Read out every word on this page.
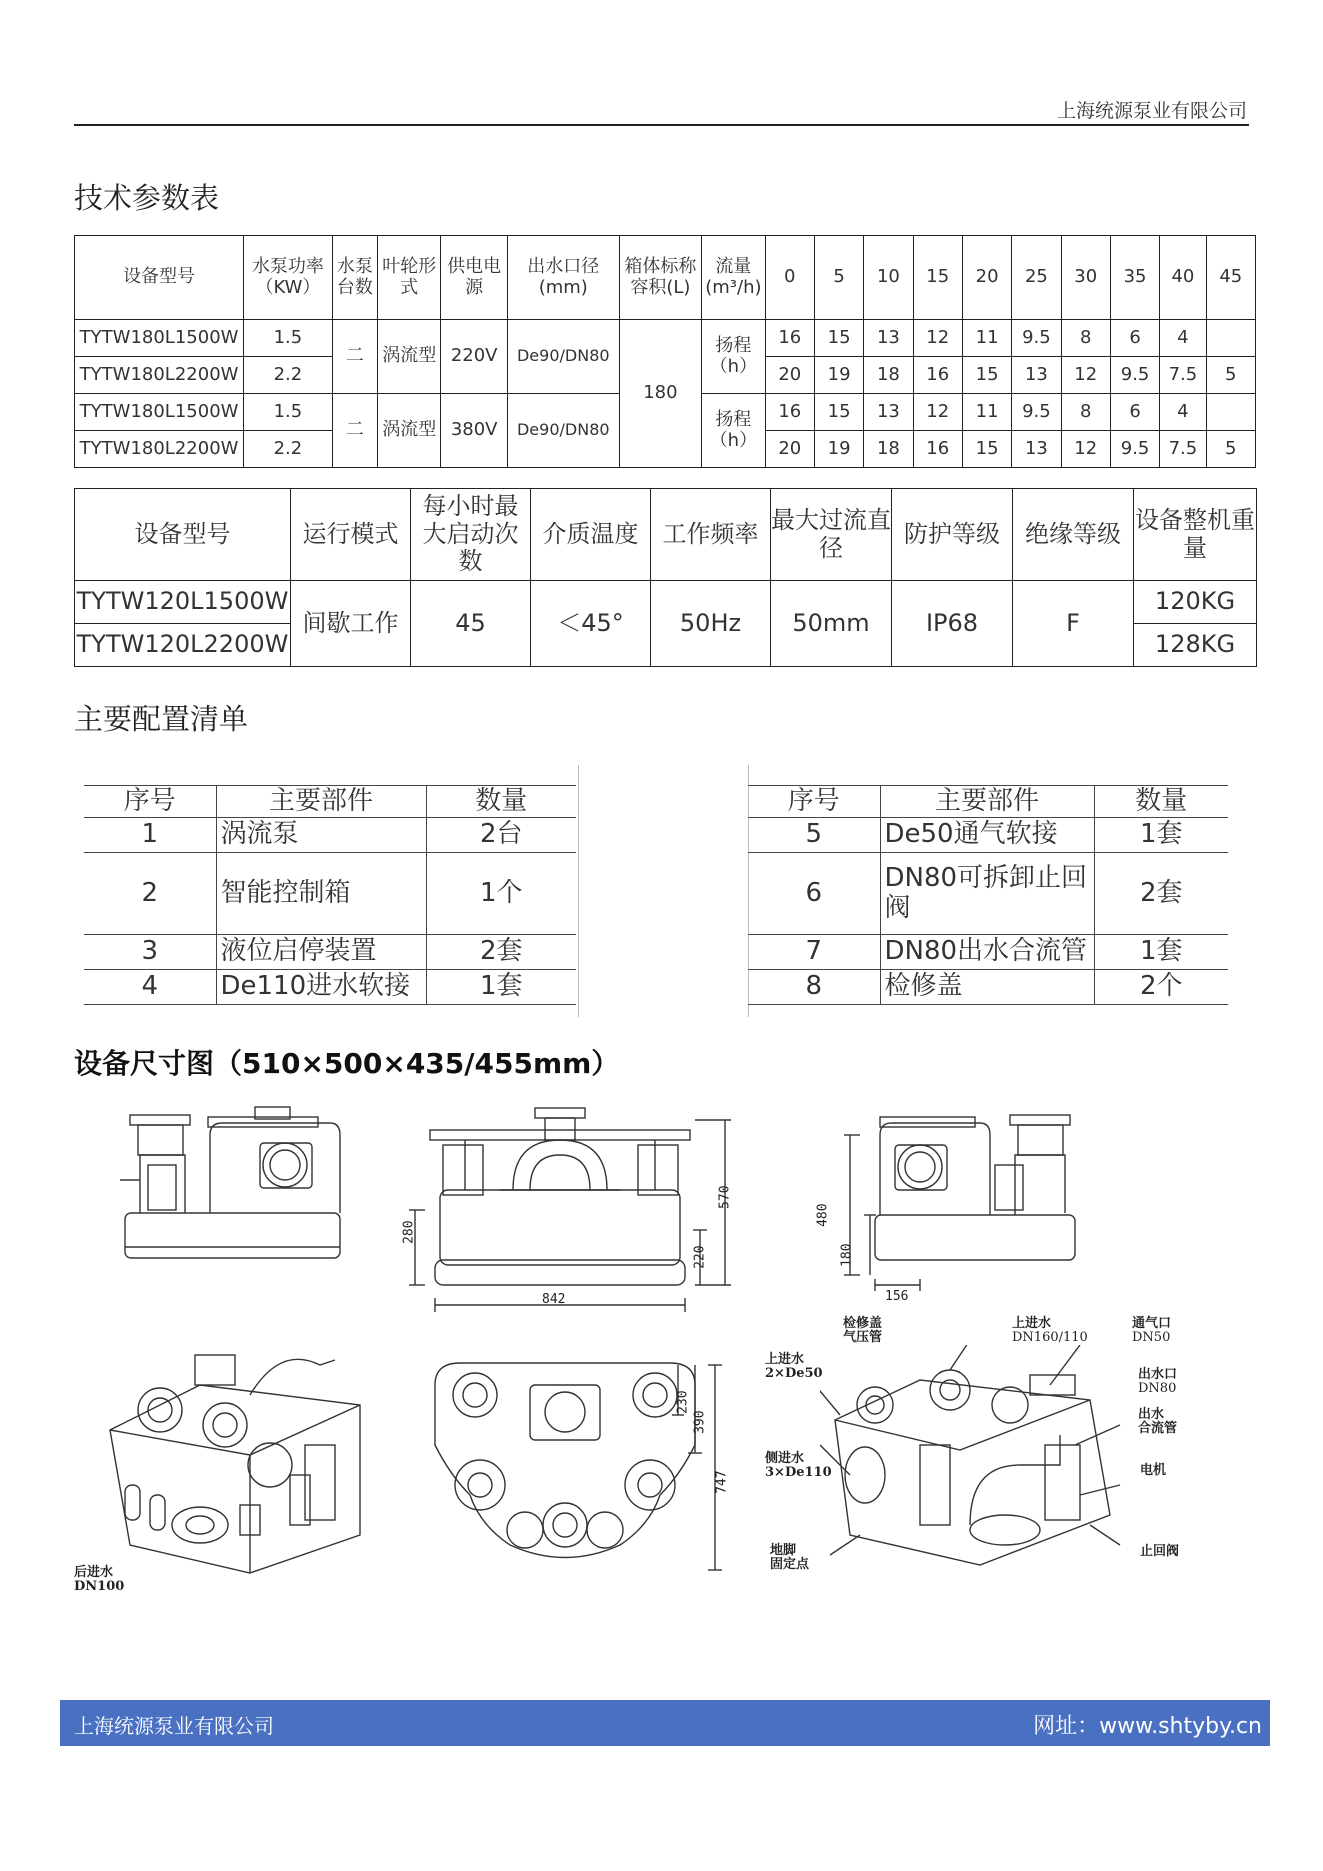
上海统源泵业有限公司
技术参数表
设备型号	水泵功率（KW）	水泵台数	叶轮形式	供电电源	出水口径(mm)	箱体标称容积(L)	流量(m³/h)	0	5	10	15	20	25	30	35	40	45
TYTW180L1500W	1.5	二	涡流型	220V	De90/DN80	180	扬程（h）	16	15	13	12	11	9.5	8	6	4	
TYTW180L2200W	2.2							20	19	18	16	15	13	12	9.5	7.5	5
TYTW180L1500W	1.5	二	涡流型	380V	De90/DN80		扬程（h）	16	15	13	12	11	9.5	8	6	4	
TYTW180L2200W	2.2							20	19	18	16	15	13	12	9.5	7.5	5
设备型号	运行模式	每小时最大启动次数	介质温度	工作频率	最大过流直径	防护等级	绝缘等级	设备整机重量
TYTW120L1500W	间歇工作	45	＜45°	50Hz	50mm	IP68	F	120KG
TYTW120L2200W								128KG
主要配置清单
序号	主要部件	数量
1	涡流泵	2台
2	智能控制箱	1个
3	液位启停装置	2套
4	De110进水软接	1套
序号	主要部件	数量
5	De50通气软接	1套
6	DN80可拆卸止回阀	2套
7	DN80出水合流管	1套
8	检修盖	2个
设备尺寸图（510×500×435/455mm）
280
570
220
842
480
180
156
后进水
DN100
230
390
747
检修盖
气压管
上进水
DN160/110
通气口
DN50
上进水
2×De50	出水口
DN80
出水
合流管
侧进水
3×De110	电机
地脚
固定点
止回阀
上海统源泵业有限公司	网址：www.shtyby.cn
